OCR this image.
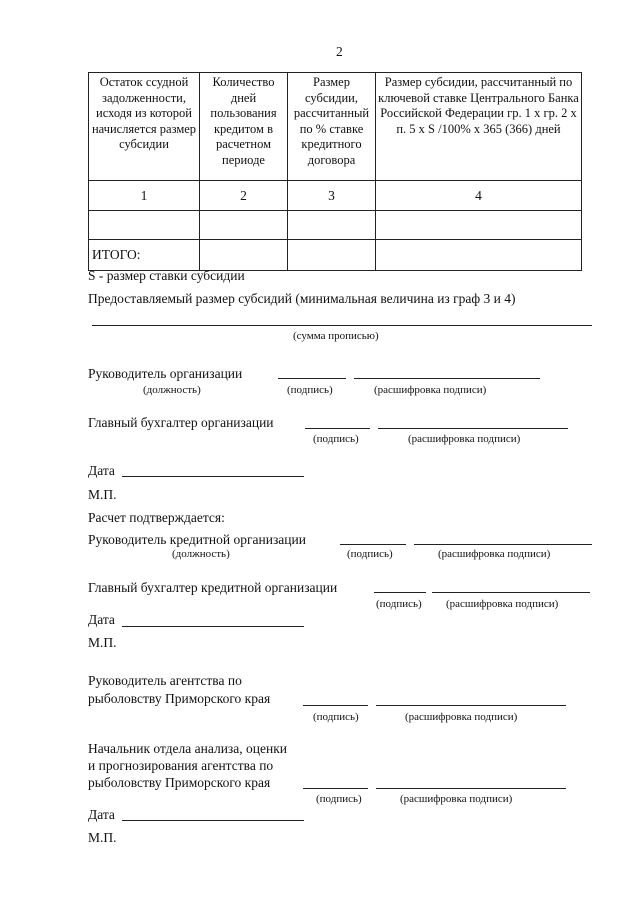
2
Остаток ссудной задолженности, исходя из которой начисляется размер субсидии	Количество дней пользования кредитом в расчетном периоде	Размер субсидии, рассчитанный по % ставке кредитного договора	Размер субсидии, рассчитанный по ключевой ставке Центрального Банка Российской Федерации гр. 1 х гр. 2 х п. 5 х S /100% х 365 (366) дней
1	2	3	4

ИТОГО:			
S - размер ставки субсидии
Предоставляемый размер субсидий (минимальная величина из граф 3 и 4)
(сумма прописью)
Руководитель организации
(должность)	(подпись)	(расшифровка подписи)
Главный бухгалтер организации
(подпись)	(расшифровка подписи)
Дата
М.П.
Расчет подтверждается:
Руководитель кредитной организации
(должность)	(подпись)	(расшифровка подписи)
Главный бухгалтер кредитной организации
(подпись) (расшифровка подписи)
Дата
М.П.
Руководитель агентства по
рыболовству Приморского края
(подпись)	(расшифровка подписи)
Начальник отдела анализа, оценки
и прогнозирования агентства по
рыболовству Приморского края
(подпись)	(расшифровка подписи)
Дата
М.П.
